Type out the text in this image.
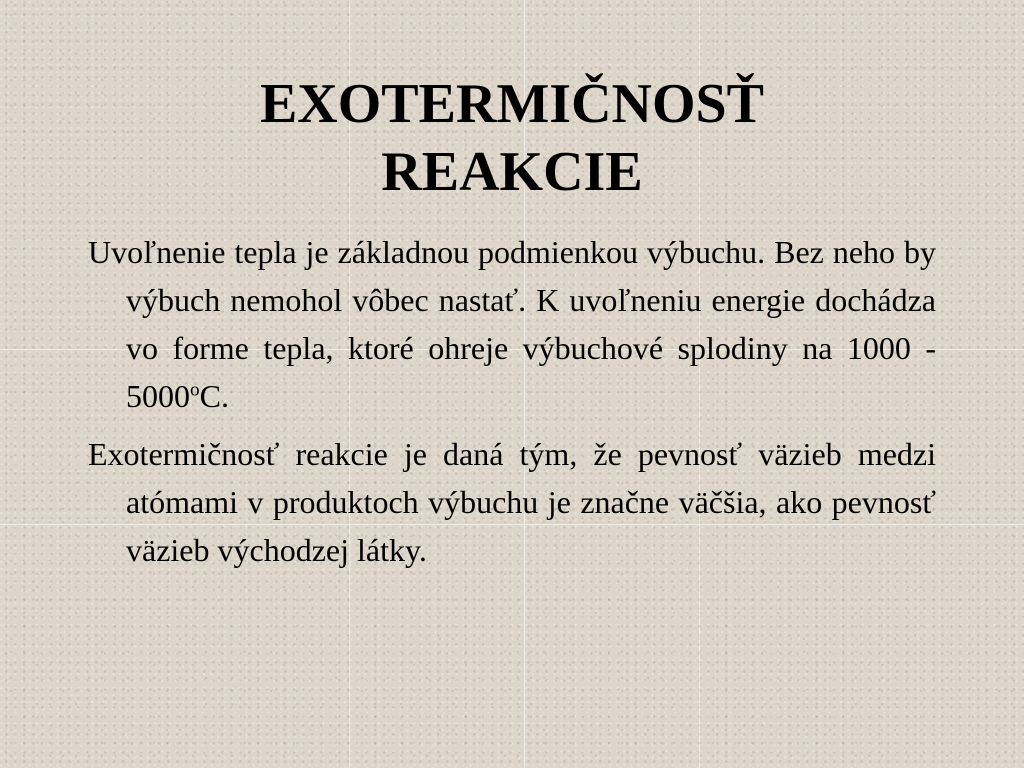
EXOTERMIČNOSŤ
REAKCIE

Uvoľnenie tepla je základnou podmienkou výbuchu. Bez neho by výbuch nemohol vôbec nastať. K uvoľneniu energie dochádza vo forme tepla, ktoré ohreje výbuchové splodiny na 1000 - 5000$^o$C.

Exotermičnosť reakcie je daná tým, že pevnosť väzieb medzi atómami v produktoch výbuchu je značne väčšia, ako pevnosť väzieb východzej látky.
